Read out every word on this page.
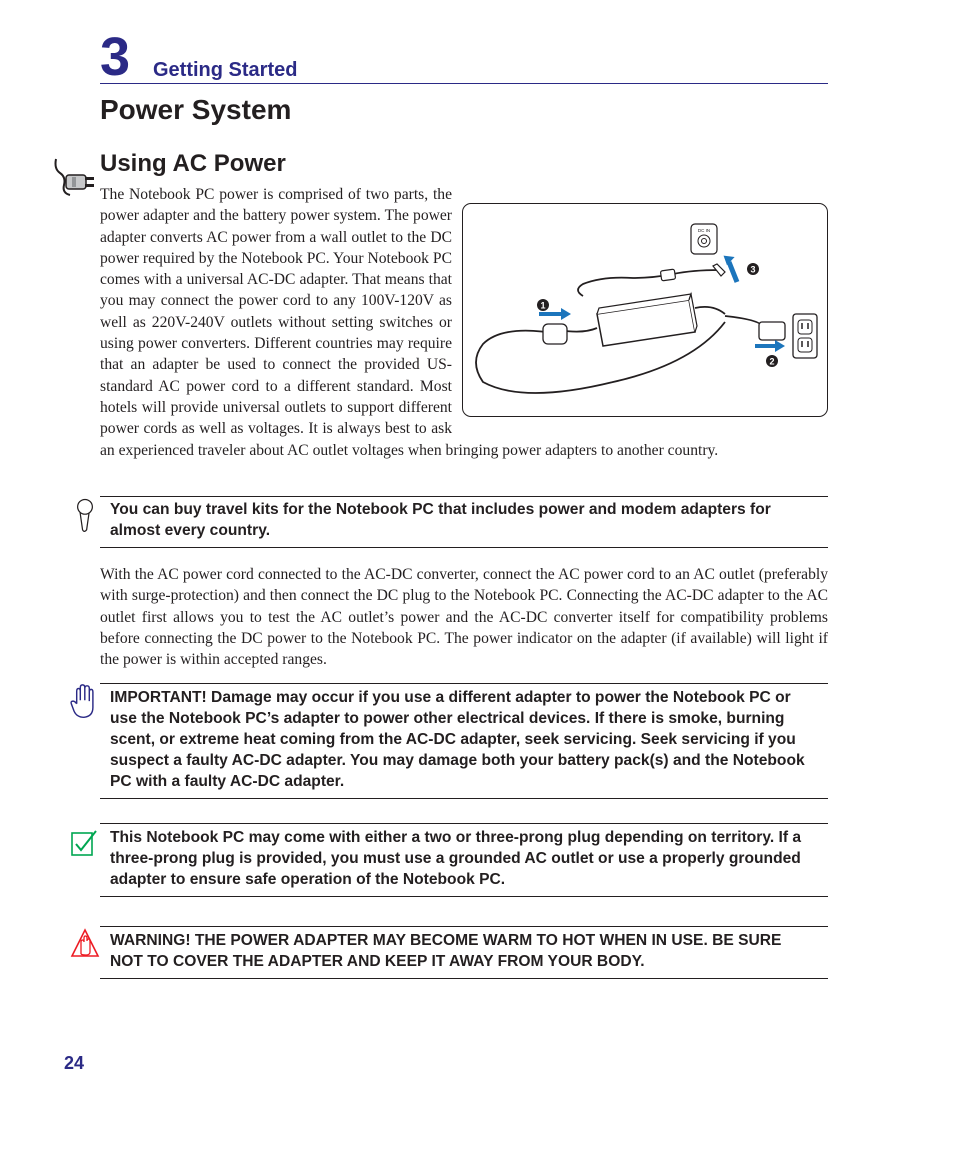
3 Getting Started
Power System
Using AC Power
DC IN
1
2
3

The Notebook PC power is comprised of two parts, the power adapter and the battery power system. The power adapter converts AC power from a wall outlet to the DC power required by the Notebook PC. Your Notebook PC comes with a universal AC-DC adapter. That means that you may connect the power cord to any 100V-120V as well as 220V-240V outlets without setting switches or using power converters. Different countries may require that an adapter be used to connect the provided US-standard AC power cord to a different standard. Most hotels will provide universal outlets to support different power cords as well as voltages. It is always best to ask an experienced traveler about AC outlet voltages when bringing power adapters to another country.

You can buy travel kits for the Notebook PC that includes power and modem adapters for almost every country.

With the AC power cord connected to the AC-DC converter, connect the AC power cord to an AC outlet (preferably with surge-protection) and then connect the DC plug to the Notebook PC. Connecting the AC-DC adapter to the AC outlet first allows you to test the AC outlet’s power and the AC-DC converter itself for compatibility problems before connecting the DC power to the Notebook PC. The power indicator on the adapter (if available) will light if the power is within accepted ranges.

IMPORTANT! Damage may occur if you use a different adapter to power the Notebook PC or use the Notebook PC’s adapter to power other electrical devices. If there is smoke, burning scent, or extreme heat coming from the AC-DC adapter, seek servicing. Seek servicing if you suspect a faulty AC-DC adapter. You may damage both your battery pack(s) and the Notebook PC with a faulty AC-DC adapter.

This Notebook PC may come with either a two or three-prong plug depending on territory. If a three-prong plug is provided, you must use a grounded AC outlet or use a properly grounded adapter to ensure safe operation of the Notebook PC.

WARNING! THE POWER ADAPTER MAY BECOME WARM TO HOT WHEN IN USE. BE SURE NOT TO COVER THE ADAPTER AND KEEP IT AWAY FROM YOUR BODY.

24
